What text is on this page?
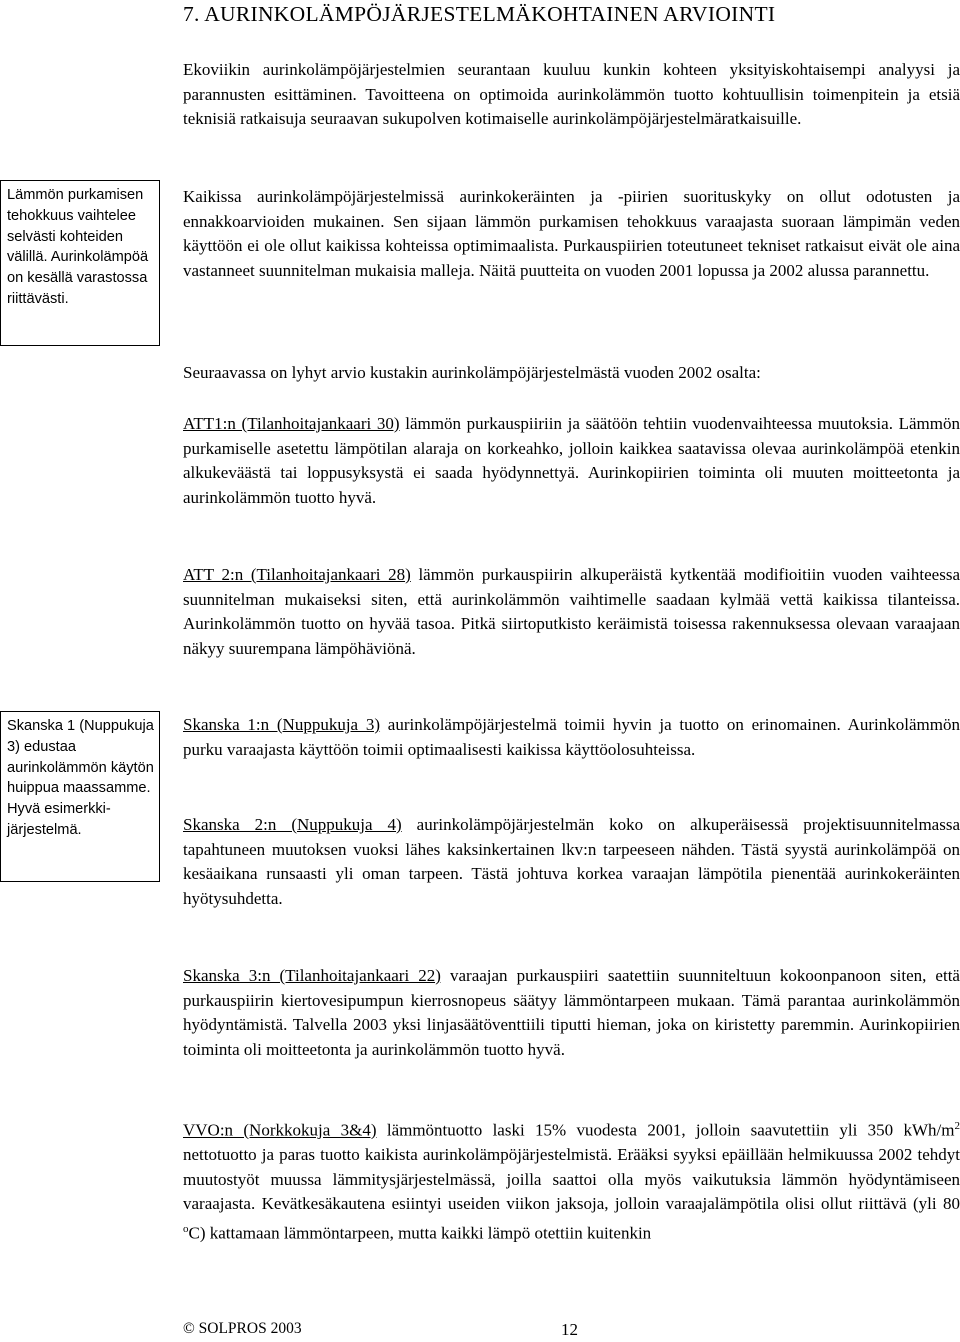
7. AURINKOLÄMPÖJÄRJESTELMÄKOHTAINEN ARVIOINTI

Ekoviikin aurinkolämpöjärjestelmien seurantaan kuuluu kunkin kohteen yksityiskohtaisempi analyysi ja parannusten esittäminen. Tavoitteena on optimoida aurinkolämmön tuotto kohtuullisin toimenpitein ja etsiä teknisiä ratkaisuja seuraavan sukupolven kotimaiselle aurinkolämpöjärjestelmäratkaisuille.

Lämmön purkamisen tehokkuus vaihtelee selvästi kohteiden välillä. Aurinkolämpöä on kesällä varastossa riittävästi.

Kaikissa aurinkolämpöjärjestelmissä aurinkokeräinten ja -piirien suorituskyky on ollut odotusten ja ennakkoarvioiden mukainen. Sen sijaan lämmön purkamisen tehokkuus varaajasta suoraan lämpimän veden käyttöön ei ole ollut kaikissa kohteissa optimimaalista. Purkauspiirien toteutuneet tekniset ratkaisut eivät ole aina vastanneet suunnitelman mukaisia malleja. Näitä puutteita on vuoden 2001 lopussa ja 2002 alussa parannettu.

Seuraavassa on lyhyt arvio kustakin aurinkolämpöjärjestelmästä vuoden 2002 osalta:

ATT1:n (Tilanhoitajankaari 30) lämmön purkauspiiriin ja säätöön tehtiin vuodenvaihteessa muutoksia. Lämmön purkamiselle asetettu lämpötilan alaraja on korkeahko, jolloin kaikkea saatavissa olevaa aurinkolämpöä etenkin alkukeväästä tai loppusyksystä ei saada hyödynnettyä. Aurinkopiirien toiminta oli muuten moitteetonta ja aurinkolämmön tuotto hyvä.

ATT 2:n (Tilanhoitajankaari 28) lämmön purkauspiirin alkuperäistä kytkentää modifioitiin vuoden vaihteessa suunnitelman mukaiseksi siten, että aurinkolämmön vaihtimelle saadaan kylmää vettä kaikissa tilanteissa. Aurinkolämmön tuotto on hyvää tasoa. Pitkä siirtoputkisto keräimistä toisessa rakennuksessa olevaan varaajaan näkyy suurempana lämpöhäviönä.

Skanska 1 (Nuppukuja 3) edustaa aurinkolämmön käytön huippua maassamme. Hyvä esimerkki-järjestelmä.

Skanska 1:n (Nuppukuja 3) aurinkolämpöjärjestelmä toimii hyvin ja tuotto on erinomainen. Aurinkolämmön purku varaajasta käyttöön toimii optimaalisesti kaikissa käyttöolosuhteissa.

Skanska 2:n (Nuppukuja 4) aurinkolämpöjärjestelmän koko on alkuperäisessä projektisuunnitelmassa tapahtuneen muutoksen vuoksi lähes kaksinkertainen lkv:n tarpeeseen nähden. Tästä syystä aurinkolämpöä on kesäaikana runsaasti yli oman tarpeen. Tästä johtuva korkea varaajan lämpötila pienentää aurinkokeräinten hyötysuhdetta.

Skanska 3:n (Tilanhoitajankaari 22) varaajan purkauspiiri saatettiin suunniteltuun kokoonpanoon siten, että purkauspiirin kiertovesipumpun kierrosnopeus säätyy lämmöntarpeen mukaan. Tämä parantaa aurinkolämmön hyödyntämistä. Talvella 2003 yksi linjasäätöventtiili tiputti hieman, joka on kiristetty paremmin. Aurinkopiirien toiminta oli moitteetonta ja aurinkolämmön tuotto hyvä.

VVO:n (Norkkokuja 3&4) lämmöntuotto laski 15% vuodesta 2001, jolloin saavutettiin yli 350 kWh/$m^2$ nettotuotto ja paras tuotto kaikista aurinkolämpöjärjestelmistä. Erääksi syyksi epäillään helmikuussa 2002 tehdyt muutostyöt muussa lämmitysjärjestelmässä, joilla saattoi olla myös vaikutuksia lämmön hyödyntämiseen varaajasta. Kevätkesäkautena esiintyi useiden viikon jaksoja, jolloin varaajalämpötila olisi ollut riittävä (yli 80 $^o$C) kattamaan lämmöntarpeen, mutta kaikki lämpö otettiin kuitenkin

© SOLPROS 2003	12
